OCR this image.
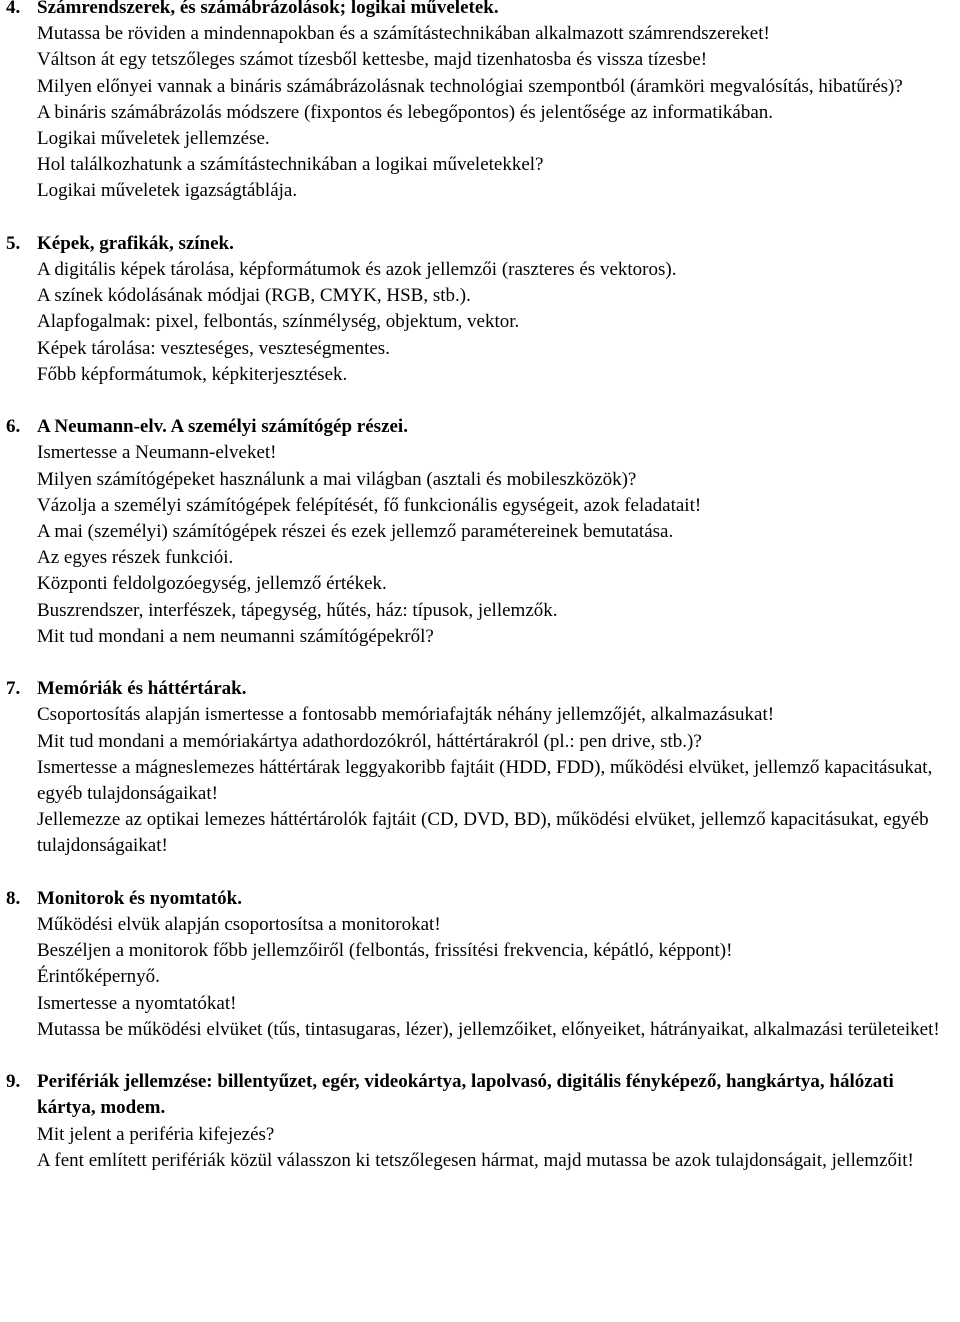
4. Számrendszerek, és számábrázolások; logikai műveletek.

Mutassa be röviden a mindennapokban és a számítástechnikában alkalmazott számrendszereket!

Váltson át egy tetszőleges számot tízesből kettesbe, majd tizenhatosba és vissza tízesbe!

Milyen előnyei vannak a bináris számábrázolásnak technológiai szempontból (áramköri megvalósítás, hibatűrés)?

A bináris számábrázolás módszere (fixpontos és lebegőpontos) és jelentősége az informatikában.

Logikai műveletek jellemzése.

Hol találkozhatunk a számítástechnikában a logikai műveletekkel?

Logikai műveletek igazságtáblája.

5. Képek, grafikák, színek.

A digitális képek tárolása, képformátumok és azok jellemzői (raszteres és vektoros).

A színek kódolásának módjai (RGB, CMYK, HSB, stb.).

Alapfogalmak: pixel, felbontás, színmélység, objektum, vektor.

Képek tárolása: veszteséges, veszteségmentes.

Főbb képformátumok, képkiterjesztések.

6. A Neumann-elv. A személyi számítógép részei.

Ismertesse a Neumann-elveket!

Milyen számítógépeket használunk a mai világban (asztali és mobileszközök)?

Vázolja a személyi számítógépek felépítését, fő funkcionális egységeit, azok feladatait!

A mai (személyi) számítógépek részei és ezek jellemző paramétereinek bemutatása.

Az egyes részek funkciói.

Központi feldolgozóegység, jellemző értékek.

Buszrendszer, interfészek, tápegység, hűtés, ház: típusok, jellemzők.

Mit tud mondani a nem neumanni számítógépekről?

7. Memóriák és háttértárak.

Csoportosítás alapján ismertesse a fontosabb memóriafajták néhány jellemzőjét, alkalmazásukat!

Mit tud mondani a memóriakártya adathordozókról, háttértárakról (pl.: pen drive, stb.)?

Ismertesse a mágneslemezes háttértárak leggyakoribb fajtáit (HDD, FDD), működési elvüket, jellemző kapacitásukat, egyéb tulajdonságaikat!

Jellemezze az optikai lemezes háttértárolók fajtáit (CD, DVD, BD), működési elvüket, jellemző kapacitásukat, egyéb tulajdonságaikat!

8. Monitorok és nyomtatók.

Működési elvük alapján csoportosítsa a monitorokat!

Beszéljen a monitorok főbb jellemzőiről (felbontás, frissítési frekvencia, képátló, képpont)!

Érintőképernyő.

Ismertesse a nyomtatókat!

Mutassa be működési elvüket (tűs, tintasugaras, lézer), jellemzőiket, előnyeiket, hátrányaikat, alkalmazási területeiket!

9. Perifériák jellemzése: billentyűzet, egér, videokártya, lapolvasó, digitális fényképező, hangkártya, hálózati kártya, modem.

Mit jelent a periféria kifejezés?

A fent említett perifériák közül válasszon ki tetszőlegesen hármat, majd mutassa be azok tulajdonságait, jellemzőit!
